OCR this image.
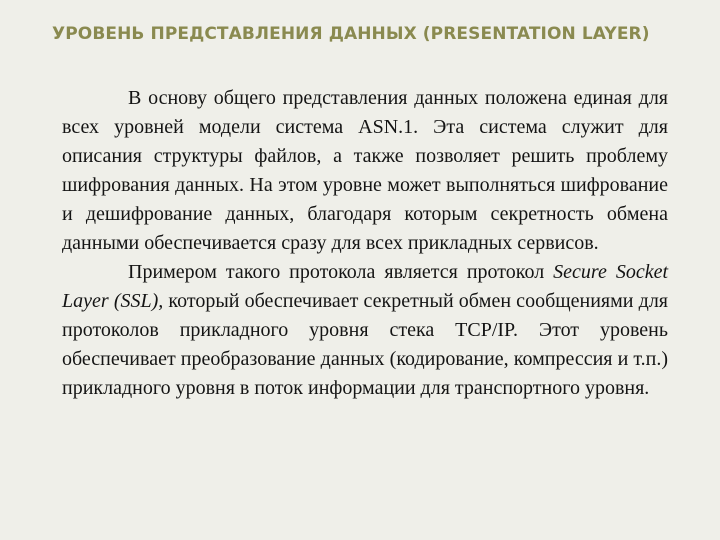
УРОВЕНЬ ПРЕДСТАВЛЕНИЯ ДАННЫХ (PRESENTATION LAYER)

В основу общего представления данных положена единая для всех уровней модели система ASN.1. Эта система служит для описания структуры файлов, а также позволяет решить проблему шифрования данных. На этом уровне может выполняться шифрование и дешифрование данных, благодаря которым секретность обмена данными обеспечивается сразу для всех прикладных сервисов.

Примером такого протокола является протокол Secure Socket Layer (SSL), который обеспечивает секретный обмен сообщениями для протоколов прикладного уровня стека TCP/IP. Этот уровень обеспечивает преобразование данных (кодирование, компрессия и т.п.) прикладного уровня в поток информации для транспортного уровня.
